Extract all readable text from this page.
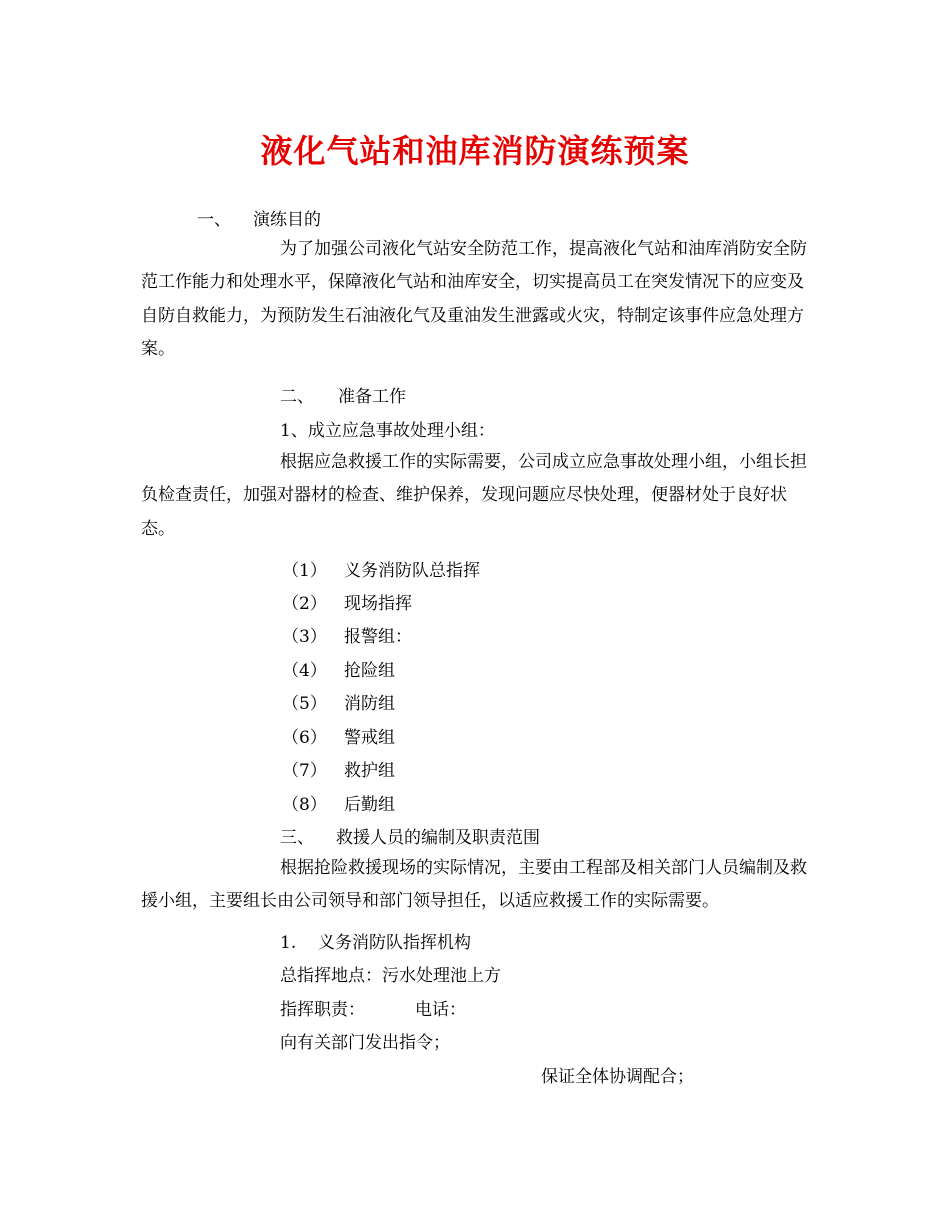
液化气站和油库消防演练预案
一、 演练目的
为了加强公司液化气站安全防范工作，提高液化气站和油库消防安全防范工作能力和处理水平，保障液化气站和油库安全，切实提高员工在突发情况下的应变及自防自救能力，为预防发生石油液化气及重油发生泄露或火灾，特制定该事件应急处理方案。
二、 准备工作
1、成立应急事故处理小组：
根据应急救援工作的实际需要，公司成立应急事故处理小组，小组长担负检查责任，加强对器材的检查、维护保养，发现问题应尽快处理，便器材处于良好状态。
（1） 义务消防队总指挥
（2） 现场指挥
（3） 报警组：
（4） 抢险组
（5） 消防组
（6） 警戒组
（7） 救护组
（8） 后勤组
三、 救援人员的编制及职责范围
根据抢险救援现场的实际情况，主要由工程部及相关部门人员编制及救援小组，主要组长由公司领导和部门领导担任，以适应救援工作的实际需要。
1. 义务消防队指挥机构
总指挥地点：污水处理池上方
指挥职责：	电话：
向有关部门发出指令；
保证全体协调配合；
